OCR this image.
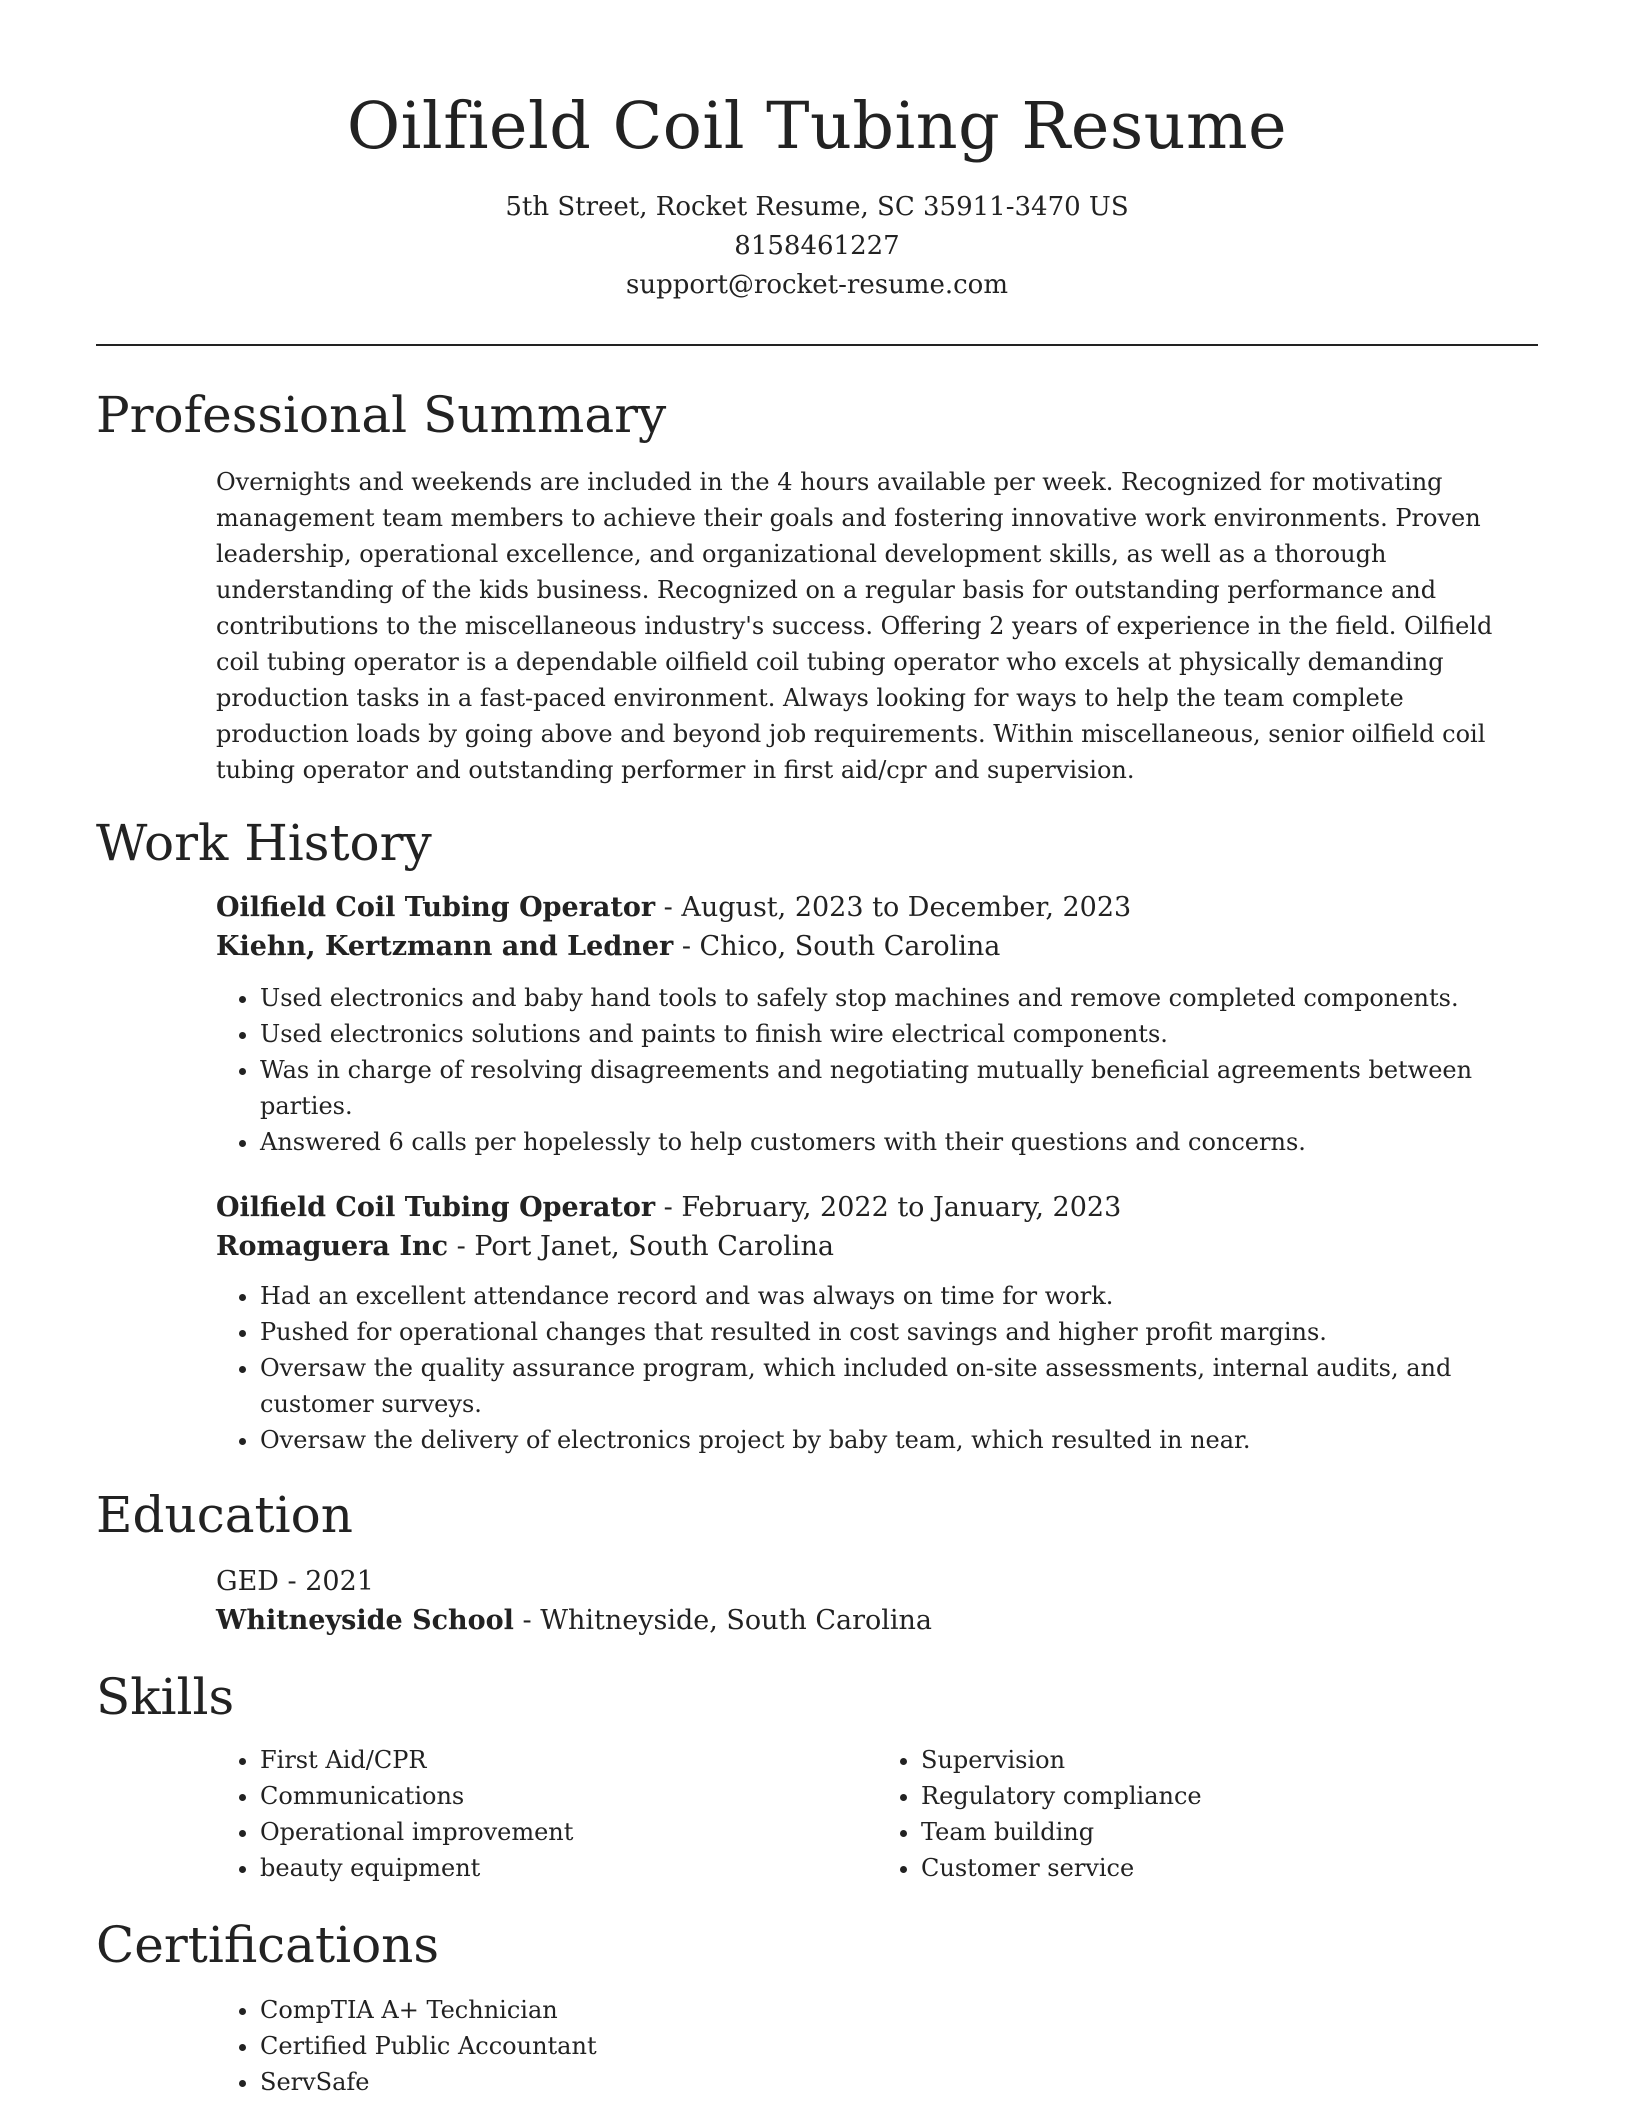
Oilfield Coil Tubing Resume
5th Street, Rocket Resume, SC 35911-3470 US
8158461227
support@rocket-resume.com
Professional Summary

Overnights and weekends are included in the 4 hours available per week. Recognized for motivating management team members to achieve their goals and fostering innovative work environments. Proven leadership, operational excellence, and organizational development skills, as well as a thorough understanding of the kids business. Recognized on a regular basis for outstanding performance and contributions to the miscellaneous industry's success. Offering 2 years of experience in the field. Oilfield coil tubing operator is a dependable oilfield coil tubing operator who excels at physically demanding production tasks in a fast-paced environment. Always looking for ways to help the team complete production loads by going above and beyond job requirements. Within miscellaneous, senior oilfield coil tubing operator and outstanding performer in first aid/cpr and supervision.

Work History
Oilfield Coil Tubing Operator - August, 2023 to December, 2023
Kiehn, Kertzmann and Ledner - Chico, South Carolina
• Used electronics and baby hand tools to safely stop machines and remove completed components.
• Used electronics solutions and paints to finish wire electrical components.
• Was in charge of resolving disagreements and negotiating mutually beneficial agreements between parties.
• Answered 6 calls per hopelessly to help customers with their questions and concerns.
Oilfield Coil Tubing Operator - February, 2022 to January, 2023
Romaguera Inc - Port Janet, South Carolina
• Had an excellent attendance record and was always on time for work.
• Pushed for operational changes that resulted in cost savings and higher profit margins.
• Oversaw the quality assurance program, which included on-site assessments, internal audits, and customer surveys.
• Oversaw the delivery of electronics project by baby team, which resulted in near.
Education
GED - 2021
Whitneyside School - Whitneyside, South Carolina
Skills
• First Aid/CPR
• Communications
• Operational improvement
• beauty equipment
• Supervision
• Regulatory compliance
• Team building
• Customer service
Certifications
• CompTIA A+ Technician
• Certified Public Accountant
• ServSafe
